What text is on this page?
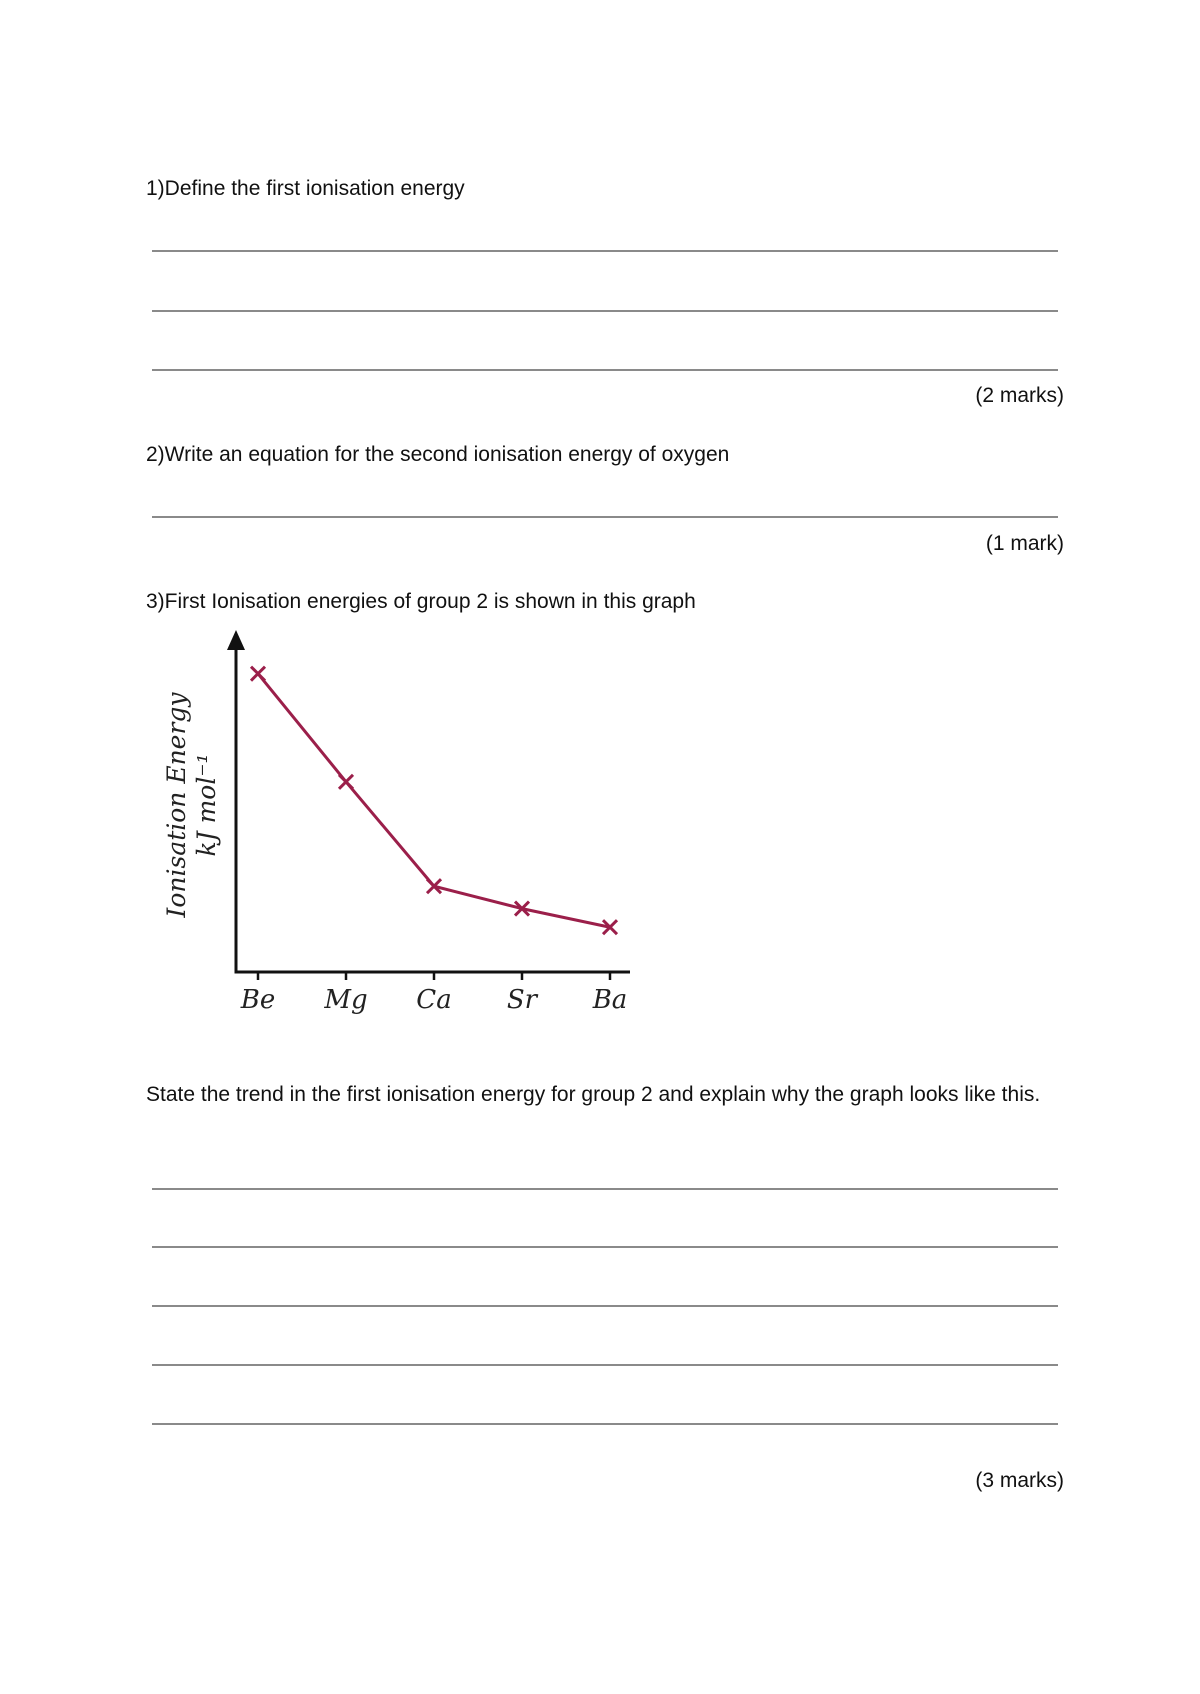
1)Define the first ionisation energy
(2 marks)
2)Write an equation for the second ionisation energy of oxygen
(1 mark)
3)First Ionisation energies of group 2 is shown in this graph
Ionisation Energy kJ mol⁻¹
Be Mg Ca Sr Ba
State the trend in the first ionisation energy for group 2 and explain why the graph looks like this.
(3 marks)
